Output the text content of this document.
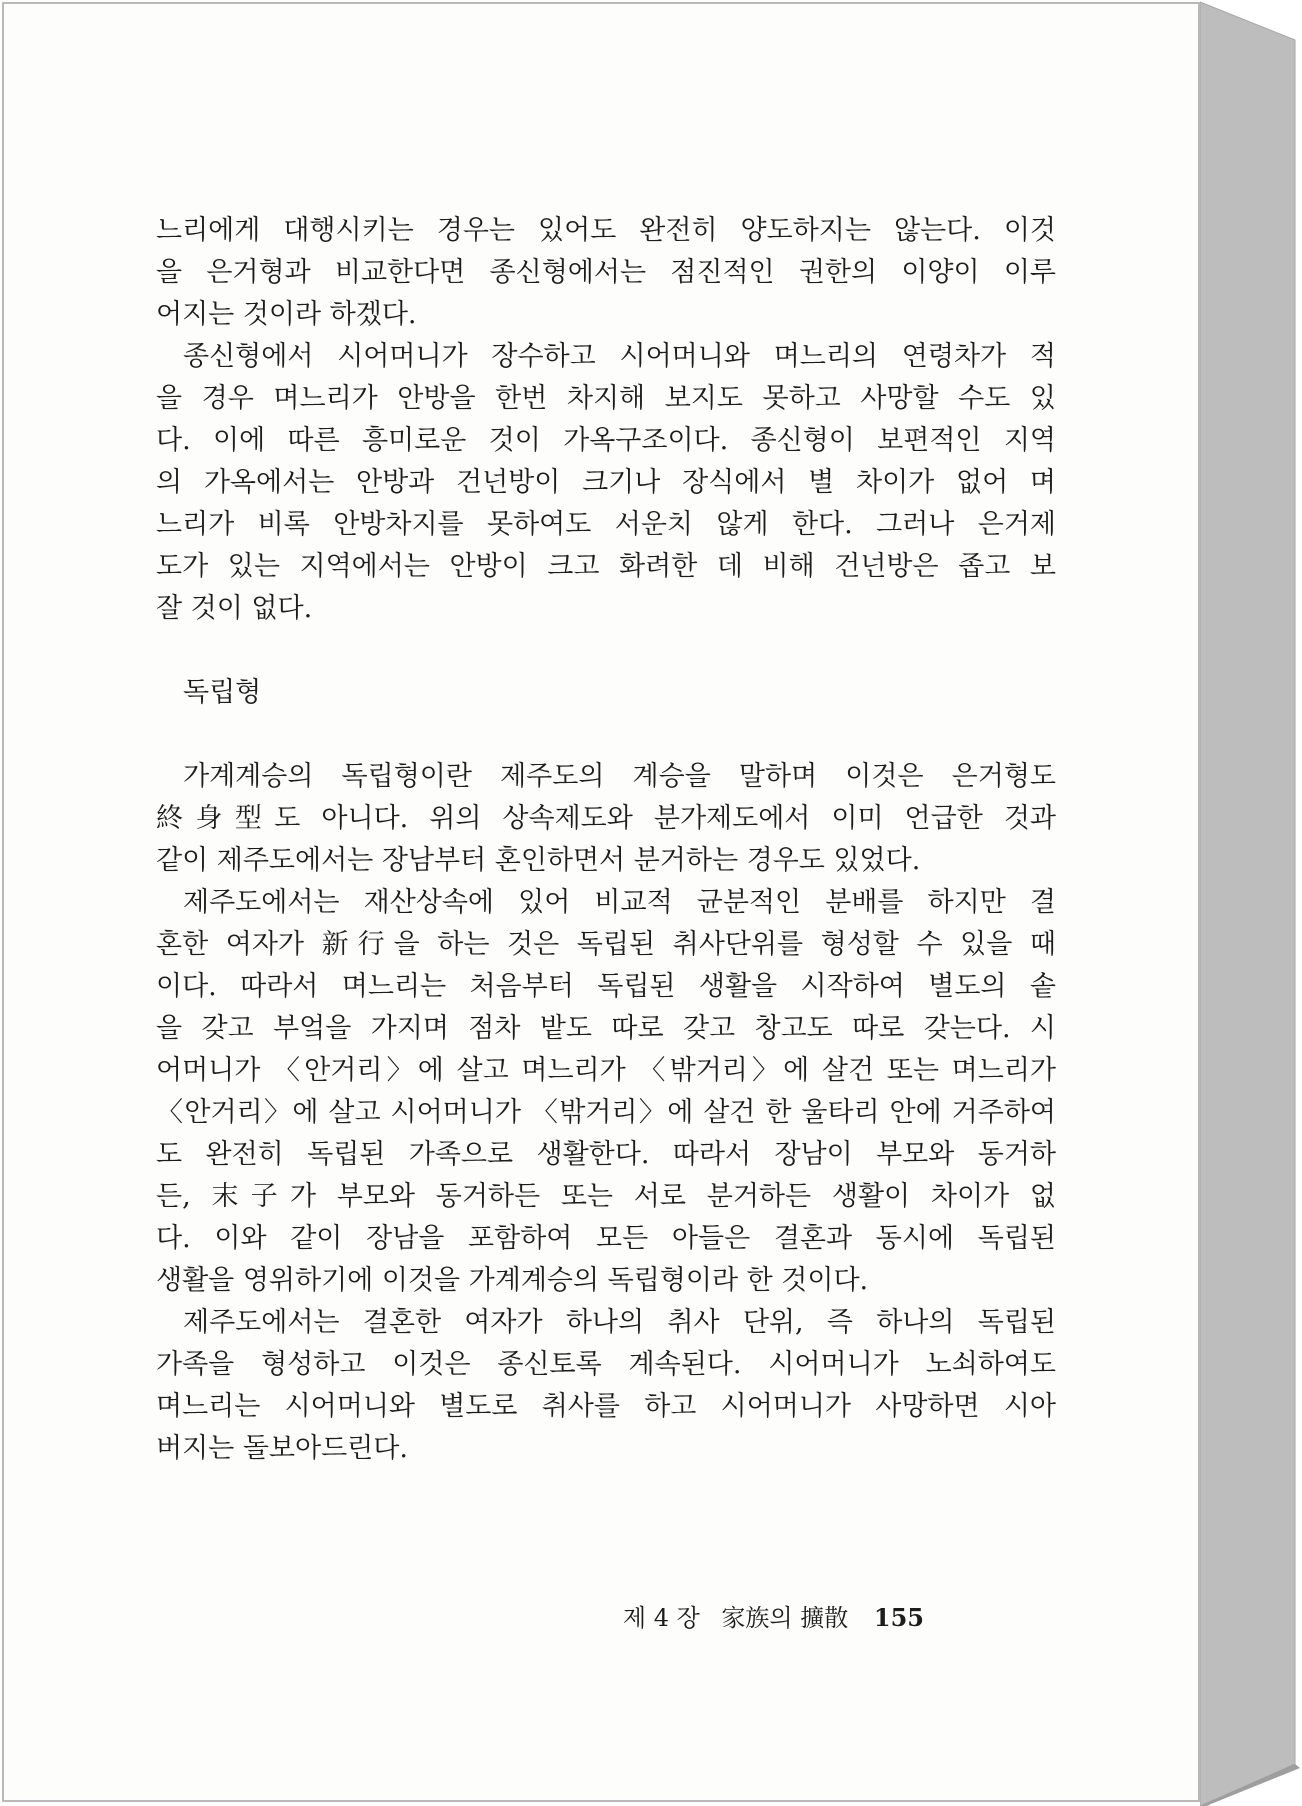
느리에게 대행시키는 경우는 있어도 완전히 양도하지는 않는다. 이것
을 은거형과 비교한다면 종신형에서는 점진적인 권한의 이양이 이루
어지는 것이라 하겠다.
종신형에서 시어머니가 장수하고 시어머니와 며느리의 연령차가 적
을 경우 며느리가 안방을 한번 차지해 보지도 못하고 사망할 수도 있
다. 이에 따른 흥미로운 것이 가옥구조이다. 종신형이 보편적인 지역
의 가옥에서는 안방과 건넌방이 크기나 장식에서 별 차이가 없어 며
느리가 비록 안방차지를 못하여도 서운치 않게 한다. 그러나 은거제
도가 있는 지역에서는 안방이 크고 화려한 데 비해 건넌방은 좁고 보
잘 것이 없다.
독립형
가계계승의 독립형이란 제주도의 계승을 말하며 이것은 은거형도
終身型도 아니다. 위의 상속제도와 분가제도에서 이미 언급한 것과
같이 제주도에서는 장남부터 혼인하면서 분거하는 경우도 있었다.
제주도에서는 재산상속에 있어 비교적 균분적인 분배를 하지만 결
혼한 여자가 新行을 하는 것은 독립된 취사단위를 형성할 수 있을 때
이다. 따라서 며느리는 처음부터 독립된 생활을 시작하여 별도의 솥
을 갖고 부엌을 가지며 점차 밭도 따로 갖고 창고도 따로 갖는다. 시
어머니가 〈안거리〉에 살고 며느리가 〈밖거리〉에 살건 또는 며느리가
〈안거리〉에 살고 시어머니가 〈밖거리〉에 살건 한 울타리 안에 거주하여
도 완전히 독립된 가족으로 생활한다. 따라서 장남이 부모와 동거하
든, 末子가 부모와 동거하든 또는 서로 분거하든 생활이 차이가 없
다. 이와 같이 장남을 포함하여 모든 아들은 결혼과 동시에 독립된
생활을 영위하기에 이것을 가계계승의 독립형이라 한 것이다.
제주도에서는 결혼한 여자가 하나의 취사 단위, 즉 하나의 독립된
가족을 형성하고 이것은 종신토록 계속된다. 시어머니가 노쇠하여도
며느리는 시어머니와 별도로 취사를 하고 시어머니가 사망하면 시아
버지는 돌보아드린다.
제 4 장 家族의 擴散 155
